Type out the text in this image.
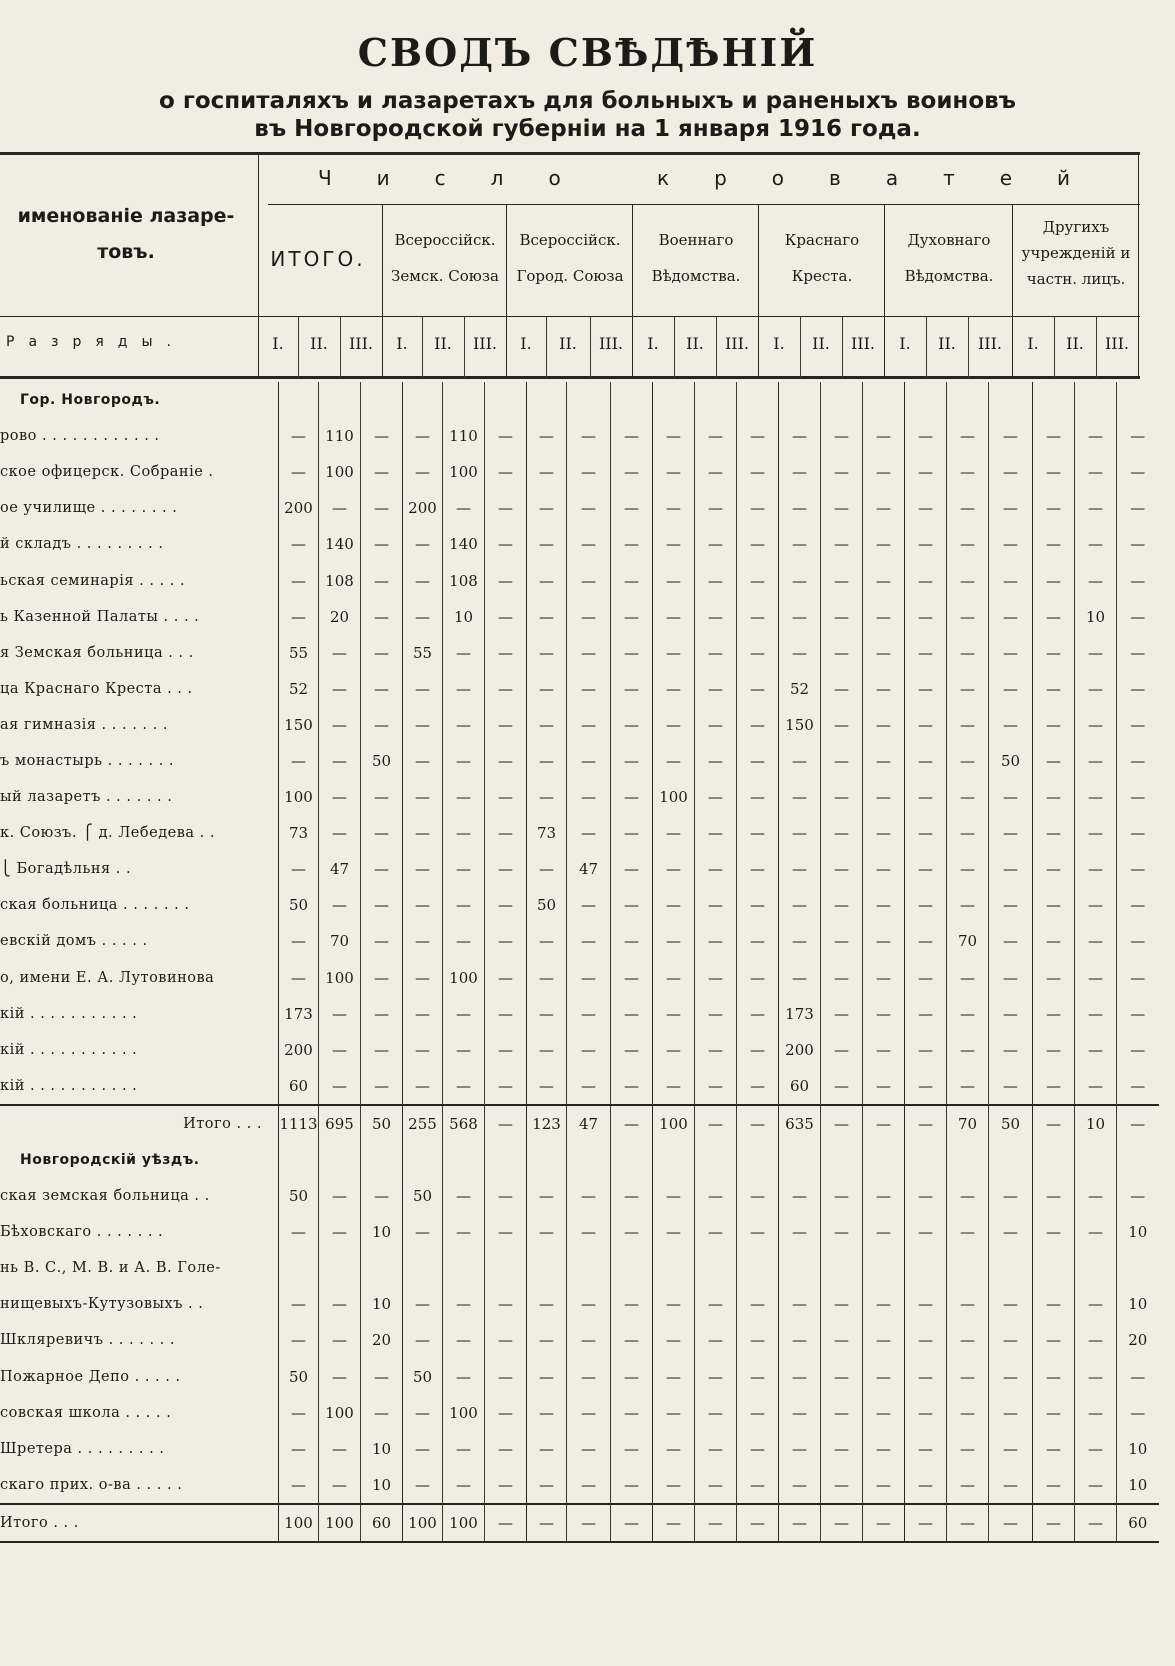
СВОДЪ СВѢДѢНІЙ
о госпиталяхъ и лазаретахъ для больныхъ и раненыхъ воиновъ
въ Новгородской губерніи на 1 января 1916 года.
именованіе лазаре-
товъ.
Разряды.
Число кроватей
ИТОГО.
Всероссійск.
Земск. Союза
Всероссійск.
Город. Союза
Военнаго
Вѣдомства.
Краснаго
Креста.
Духовнаго
Вѣдомства.
Другихъ
учрежденій и
частн. лицъ.
I.	II.	III.	I.	II.	III.	I.	II.	III.	I.	II.	III.	I.	II.	III.	I.	II.	III.	I.	II.	III.
Гор. Новгородъ.																					
рово . . . . . . . . . . . .	—	110	—	—	110	—	—	—	—	—	—	—	—	—	—	—	—	—	—	—	—
ское офицерск. Собраніе .	—	100	—	—	100	—	—	—	—	—	—	—	—	—	—	—	—	—	—	—	—
ое училище . . . . . . . .	200	—	—	200	—	—	—	—	—	—	—	—	—	—	—	—	—	—	—	—	—
й складъ . . . . . . . . .	—	140	—	—	140	—	—	—	—	—	—	—	—	—	—	—	—	—	—	—	—
ьская семинарія . . . . .	—	108	—	—	108	—	—	—	—	—	—	—	—	—	—	—	—	—	—	—	—
ь Казенной Палаты . . . .	—	20	—	—	10	—	—	—	—	—	—	—	—	—	—	—	—	—	—	10	—
я Земская больница . . .	55	—	—	55	—	—	—	—	—	—	—	—	—	—	—	—	—	—	—	—	—
ца Краснаго Креста . . .	52	—	—	—	—	—	—	—	—	—	—	—	52	—	—	—	—	—	—	—	—
ая гимназія . . . . . . .	150	—	—	—	—	—	—	—	—	—	—	—	150	—	—	—	—	—	—	—	—
ъ монастырь . . . . . . .	—	—	50	—	—	—	—	—	—	—	—	—	—	—	—	—	—	50	—	—	—
ый лазаретъ . . . . . . .	100	—	—	—	—	—	—	—	—	100	—	—	—	—	—	—	—	—	—	—	—
к. Союзъ. ⎧ д. Лебедева . .	73	—	—	—	—	—	73	—	—	—	—	—	—	—	—	—	—	—	—	—	—
⎩ Богадѣльня . .	—	47	—	—	—	—	—	47	—	—	—	—	—	—	—	—	—	—	—	—	—
ская больница . . . . . . .	50	—	—	—	—	—	50	—	—	—	—	—	—	—	—	—	—	—	—	—	—
евскій домъ . . . . .	—	70	—	—	—	—	—	—	—	—	—	—	—	—	—	—	70	—	—	—	—
о, имени Е. А. Лутовинова	—	100	—	—	100	—	—	—	—	—	—	—	—	—	—	—	—	—	—	—	—
кій . . . . . . . . . . .	173	—	—	—	—	—	—	—	—	—	—	—	173	—	—	—	—	—	—	—	—
кій . . . . . . . . . . .	200	—	—	—	—	—	—	—	—	—	—	—	200	—	—	—	—	—	—	—	—
кій . . . . . . . . . . .	60	—	—	—	—	—	—	—	—	—	—	—	60	—	—	—	—	—	—	—	—
Итого . . .	1113	695	50	255	568	—	123	47	—	100	—	—	635	—	—	—	70	50	—	10	—
Новгородскій уѣздъ.																					
ская земская больница . .	50	—	—	50	—	—	—	—	—	—	—	—	—	—	—	—	—	—	—	—	—
Бѣховскаго . . . . . . .	—	—	10	—	—	—	—	—	—	—	—	—	—	—	—	—	—	—	—	—	10
нь В. С., М. В. и А. В. Голе-																					
нищевыхъ-Кутузовыхъ . .	—	—	10	—	—	—	—	—	—	—	—	—	—	—	—	—	—	—	—	—	10
Шкляревичъ . . . . . . .	—	—	20	—	—	—	—	—	—	—	—	—	—	—	—	—	—	—	—	—	20
Пожарное Депо . . . . .	50	—	—	50	—	—	—	—	—	—	—	—	—	—	—	—	—	—	—	—	—
совская школа . . . . .	—	100	—	—	100	—	—	—	—	—	—	—	—	—	—	—	—	—	—	—	—
Шретера . . . . . . . . .	—	—	10	—	—	—	—	—	—	—	—	—	—	—	—	—	—	—	—	—	10
скаго прих. о-ва . . . . .	—	—	10	—	—	—	—	—	—	—	—	—	—	—	—	—	—	—	—	—	10
Итого . . .	100	100	60	100	100	—	—	—	—	—	—	—	—	—	—	—	—	—	—	—	60
